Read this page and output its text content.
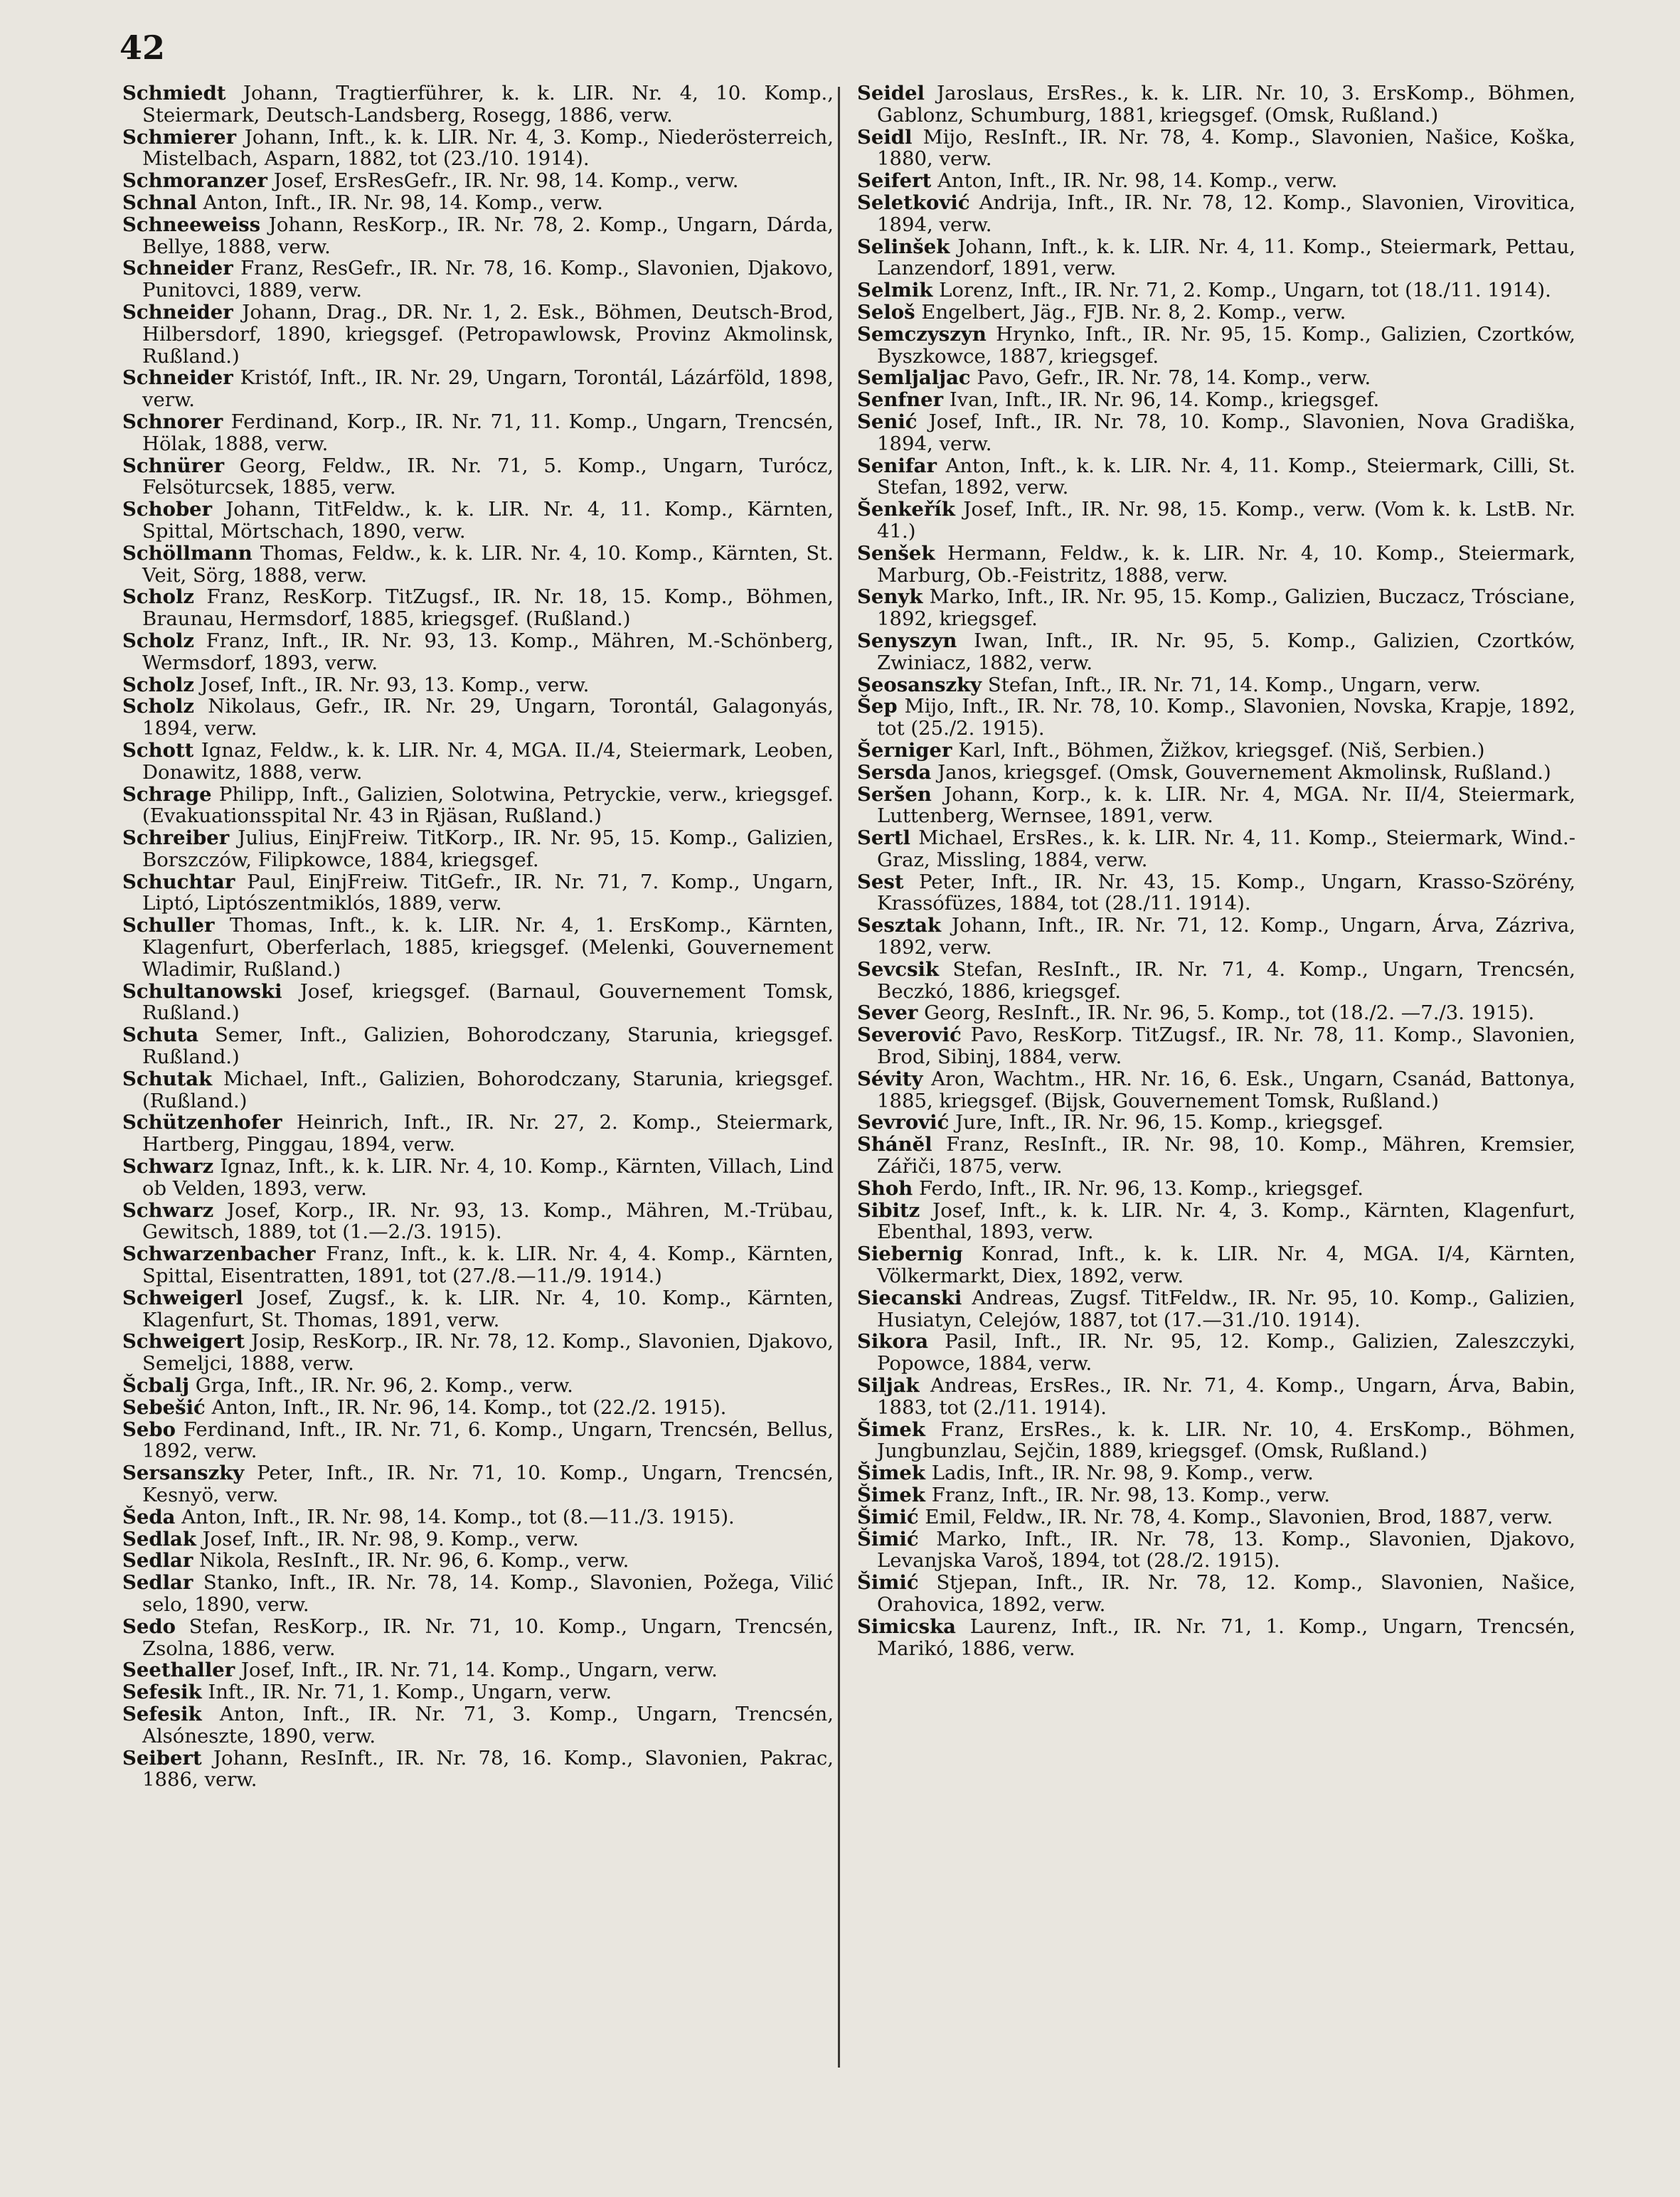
42

Schmiedt Johann, Tragtierführer, k. k. LIR. Nr. 4, 10. Komp., Steiermark, Deutsch-Landsberg, Rosegg, 1886, verw.

Schmierer Johann, Inft., k. k. LIR. Nr. 4, 3. Komp., Niederösterreich, Mistelbach, Asparn, 1882, tot (23./10. 1914).

Schmoranzer Josef, ErsResGefr., IR. Nr. 98, 14. Komp., verw.

Schnal Anton, Inft., IR. Nr. 98, 14. Komp., verw.

Schneeweiss Johann, ResKorp., IR. Nr. 78, 2. Komp., Ungarn, Dárda, Bellye, 1888, verw.

Schneider Franz, ResGefr., IR. Nr. 78, 16. Komp., Slavonien, Djakovo, Punitovci, 1889, verw.

Schneider Johann, Drag., DR. Nr. 1, 2. Esk., Böhmen, Deutsch-Brod, Hilbersdorf, 1890, kriegsgef. (Petropawlowsk, Provinz Akmolinsk, Rußland.)

Schneider Kristóf, Inft., IR. Nr. 29, Ungarn, Torontál, Lázárföld, 1898, verw.

Schnorer Ferdinand, Korp., IR. Nr. 71, 11. Komp., Ungarn, Trencsén, Hölak, 1888, verw.

Schnürer Georg, Feldw., IR. Nr. 71, 5. Komp., Ungarn, Turócz, Felsöturcsek, 1885, verw.

Schober Johann, TitFeldw., k. k. LIR. Nr. 4, 11. Komp., Kärnten, Spittal, Mörtschach, 1890, verw.

Schöllmann Thomas, Feldw., k. k. LIR. Nr. 4, 10. Komp., Kärnten, St. Veit, Sörg, 1888, verw.

Scholz Franz, ResKorp. TitZugsf., IR. Nr. 18, 15. Komp., Böhmen, Braunau, Hermsdorf, 1885, kriegsgef. (Rußland.)

Scholz Franz, Inft., IR. Nr. 93, 13. Komp., Mähren, M.-Schönberg, Wermsdorf, 1893, verw.

Scholz Josef, Inft., IR. Nr. 93, 13. Komp., verw.

Scholz Nikolaus, Gefr., IR. Nr. 29, Ungarn, Torontál, Galagonyás, 1894, verw.

Schott Ignaz, Feldw., k. k. LIR. Nr. 4, MGA. II./4, Steiermark, Leoben, Donawitz, 1888, verw.

Schrage Philipp, Inft., Galizien, Solotwina, Petryckie, verw., kriegsgef. (Evakuationsspital Nr. 43 in Rjäsan, Rußland.)

Schreiber Julius, EinjFreiw. TitKorp., IR. Nr. 95, 15. Komp., Galizien, Borszczów, Filipkowce, 1884, kriegsgef.

Schuchtar Paul, EinjFreiw. TitGefr., IR. Nr. 71, 7. Komp., Ungarn, Liptó, Liptószentmiklós, 1889, verw.

Schuller Thomas, Inft., k. k. LIR. Nr. 4, 1. ErsKomp., Kärnten, Klagenfurt, Oberferlach, 1885, kriegsgef. (Melenki, Gouvernement Wladimir, Rußland.)

Schultanowski Josef, kriegsgef. (Barnaul, Gouvernement Tomsk, Rußland.)

Schuta Semer, Inft., Galizien, Bohorodczany, Starunia, kriegsgef. Rußland.)

Schutak Michael, Inft., Galizien, Bohorodczany, Starunia, kriegsgef. (Rußland.)

Schützenhofer Heinrich, Inft., IR. Nr. 27, 2. Komp., Steiermark, Hartberg, Pinggau, 1894, verw.

Schwarz Ignaz, Inft., k. k. LIR. Nr. 4, 10. Komp., Kärnten, Villach, Lind ob Velden, 1893, verw.

Schwarz Josef, Korp., IR. Nr. 93, 13. Komp., Mähren, M.-Trübau, Gewitsch, 1889, tot (1.—2./3. 1915).

Schwarzenbacher Franz, Inft., k. k. LIR. Nr. 4, 4. Komp., Kärnten, Spittal, Eisentratten, 1891, tot (27./8.—11./9. 1914.)

Schweigerl Josef, Zugsf., k. k. LIR. Nr. 4, 10. Komp., Kärnten, Klagenfurt, St. Thomas, 1891, verw.

Schweigert Josip, ResKorp., IR. Nr. 78, 12. Komp., Slavonien, Djakovo, Semeljci, 1888, verw.

Šcbalj Grga, Inft., IR. Nr. 96, 2. Komp., verw.

Sebešić Anton, Inft., IR. Nr. 96, 14. Komp., tot (22./2. 1915).

Sebo Ferdinand, Inft., IR. Nr. 71, 6. Komp., Ungarn, Trencsén, Bellus, 1892, verw.

Sersanszky Peter, Inft., IR. Nr. 71, 10. Komp., Ungarn, Trencsén, Kesnyö, verw.

Šeda Anton, Inft., IR. Nr. 98, 14. Komp., tot (8.—11./3. 1915).

Sedlak Josef, Inft., IR. Nr. 98, 9. Komp., verw.

Sedlar Nikola, ResInft., IR. Nr. 96, 6. Komp., verw.

Sedlar Stanko, Inft., IR. Nr. 78, 14. Komp., Slavonien, Požega, Vilić selo, 1890, verw.

Sedo Stefan, ResKorp., IR. Nr. 71, 10. Komp., Ungarn, Trencsén, Zsolna, 1886, verw.

Seethaller Josef, Inft., IR. Nr. 71, 14. Komp., Ungarn, verw.

Sefesik Inft., IR. Nr. 71, 1. Komp., Ungarn, verw.

Sefesik Anton, Inft., IR. Nr. 71, 3. Komp., Ungarn, Trencsén, Alsóneszte, 1890, verw.

Seibert Johann, ResInft., IR. Nr. 78, 16. Komp., Slavonien, Pakrac, 1886, verw.

Seidel Jaroslaus, ErsRes., k. k. LIR. Nr. 10, 3. ErsKomp., Böhmen, Gablonz, Schumburg, 1881, kriegsgef. (Omsk, Rußland.)

Seidl Mijo, ResInft., IR. Nr. 78, 4. Komp., Slavonien, Našice, Koška, 1880, verw.

Seifert Anton, Inft., IR. Nr. 98, 14. Komp., verw.

Seletković Andrija, Inft., IR. Nr. 78, 12. Komp., Slavonien, Virovitica, 1894, verw.

Selinšek Johann, Inft., k. k. LIR. Nr. 4, 11. Komp., Steiermark, Pettau, Lanzendorf, 1891, verw.

Selmik Lorenz, Inft., IR. Nr. 71, 2. Komp., Ungarn, tot (18./11. 1914).

Seloš Engelbert, Jäg., FJB. Nr. 8, 2. Komp., verw.

Semczyszyn Hrynko, Inft., IR. Nr. 95, 15. Komp., Galizien, Czortków, Byszkowce, 1887, kriegsgef.

Semljaljac Pavo, Gefr., IR. Nr. 78, 14. Komp., verw.

Senfner Ivan, Inft., IR. Nr. 96, 14. Komp., kriegsgef.

Senić Josef, Inft., IR. Nr. 78, 10. Komp., Slavonien, Nova Gradiška, 1894, verw.

Senifar Anton, Inft., k. k. LIR. Nr. 4, 11. Komp., Steiermark, Cilli, St. Stefan, 1892, verw.

Šenkeřík Josef, Inft., IR. Nr. 98, 15. Komp., verw. (Vom k. k. LstB. Nr. 41.)

Senšek Hermann, Feldw., k. k. LIR. Nr. 4, 10. Komp., Steiermark, Marburg, Ob.-Feistritz, 1888, verw.

Senyk Marko, Inft., IR. Nr. 95, 15. Komp., Galizien, Buczacz, Trósciane, 1892, kriegsgef.

Senyszyn Iwan, Inft., IR. Nr. 95, 5. Komp., Galizien, Czortków, Zwiniacz, 1882, verw.

Seosanszky Stefan, Inft., IR. Nr. 71, 14. Komp., Ungarn, verw.

Šep Mijo, Inft., IR. Nr. 78, 10. Komp., Slavonien, Novska, Krapje, 1892, tot (25./2. 1915).

Šerniger Karl, Inft., Böhmen, Žižkov, kriegsgef. (Niš, Serbien.)

Sersda Janos, kriegsgef. (Omsk, Gouvernement Akmolinsk, Rußland.)

Seršen Johann, Korp., k. k. LIR. Nr. 4, MGA. Nr. II/4, Steiermark, Luttenberg, Wernsee, 1891, verw.

Sertl Michael, ErsRes., k. k. LIR. Nr. 4, 11. Komp., Steiermark, Wind.-Graz, Missling, 1884, verw.

Sest Peter, Inft., IR. Nr. 43, 15. Komp., Ungarn, Krasso-Szörény, Krassófüzes, 1884, tot (28./11. 1914).

Sesztak Johann, Inft., IR. Nr. 71, 12. Komp., Ungarn, Árva, Zázriva, 1892, verw.

Sevcsik Stefan, ResInft., IR. Nr. 71, 4. Komp., Ungarn, Trencsén, Beczkó, 1886, kriegsgef.

Sever Georg, ResInft., IR. Nr. 96, 5. Komp., tot (18./2. —7./3. 1915).

Severović Pavo, ResKorp. TitZugsf., IR. Nr. 78, 11. Komp., Slavonien, Brod, Sibinj, 1884, verw.

Sévity Aron, Wachtm., HR. Nr. 16, 6. Esk., Ungarn, Csanád, Battonya, 1885, kriegsgef. (Bijsk, Gouvernement Tomsk, Rußland.)

Sevrović Jure, Inft., IR. Nr. 96, 15. Komp., kriegsgef.

Shánĕl Franz, ResInft., IR. Nr. 98, 10. Komp., Mähren, Kremsier, Zářiči, 1875, verw.

Shoh Ferdo, Inft., IR. Nr. 96, 13. Komp., kriegsgef.

Sibitz Josef, Inft., k. k. LIR. Nr. 4, 3. Komp., Kärnten, Klagenfurt, Ebenthal, 1893, verw.

Siebernig Konrad, Inft., k. k. LIR. Nr. 4, MGA. I/4, Kärnten, Völkermarkt, Diex, 1892, verw.

Siecanski Andreas, Zugsf. TitFeldw., IR. Nr. 95, 10. Komp., Galizien, Husiatyn, Celejów, 1887, tot (17.—31./10. 1914).

Sikora Pasil, Inft., IR. Nr. 95, 12. Komp., Galizien, Zaleszczyki, Popowce, 1884, verw.

Siljak Andreas, ErsRes., IR. Nr. 71, 4. Komp., Ungarn, Árva, Babin, 1883, tot (2./11. 1914).

Šimek Franz, ErsRes., k. k. LIR. Nr. 10, 4. ErsKomp., Böhmen, Jungbunzlau, Sejčin, 1889, kriegsgef. (Omsk, Rußland.)

Šimek Ladis, Inft., IR. Nr. 98, 9. Komp., verw.

Šimek Franz, Inft., IR. Nr. 98, 13. Komp., verw.

Šimić Emil, Feldw., IR. Nr. 78, 4. Komp., Slavonien, Brod, 1887, verw.

Šimić Marko, Inft., IR. Nr. 78, 13. Komp., Slavonien, Djakovo, Levanjska Varoš, 1894, tot (28./2. 1915).

Šimić Stjepan, Inft., IR. Nr. 78, 12. Komp., Slavonien, Našice, Orahovica, 1892, verw.

Simicska Laurenz, Inft., IR. Nr. 71, 1. Komp., Ungarn, Trencsén, Marikó, 1886, verw.
